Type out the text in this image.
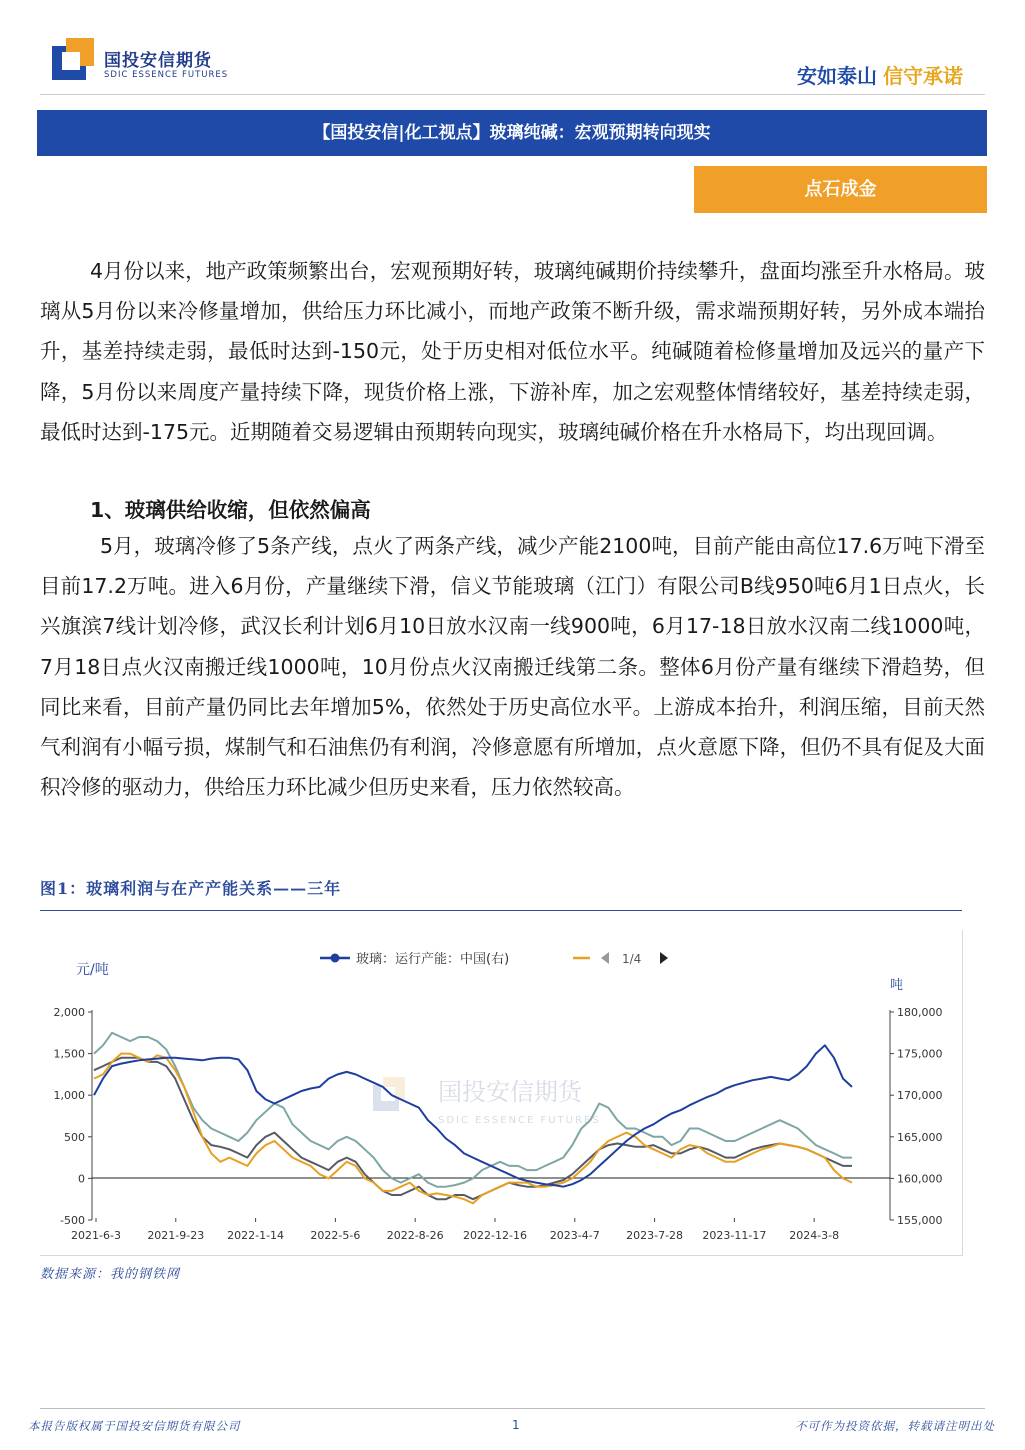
国投安信期货
SDIC ESSENCE FUTURES	安如泰山 信守承诺
【国投安信|化工视点】玻璃纯碱：宏观预期转向现实
点石成金
4月份以来，地产政策频繁出台，宏观预期好转，玻璃纯碱期价持续攀升，盘面均涨至升水格局。玻璃从5月份以来冷修量增加，供给压力环比减小，而地产政策不断升级，需求端预期好转，另外成本端抬升，基差持续走弱，最低时达到-150元，处于历史相对低位水平。纯碱随着检修量增加及远兴的量产下降，5月份以来周度产量持续下降，现货价格上涨，下游补库，加之宏观整体情绪较好，基差持续走弱，最低时达到-175元。近期随着交易逻辑由预期转向现实，玻璃纯碱价格在升水格局下，均出现回调。
1、玻璃供给收缩，但依然偏高
5月，玻璃冷修了5条产线，点火了两条产线，减少产能2100吨，目前产能由高位17.6万吨下滑至目前17.2万吨。进入6月份，产量继续下滑，信义节能玻璃（江门）有限公司B线950吨6月1日点火，长兴旗滨7线计划冷修，武汉长利计划6月10日放水汉南一线900吨，6月17-18日放水汉南二线1000吨，7月18日点火汉南搬迁线1000吨，10月份点火汉南搬迁线第二条。整体6月份产量有继续下滑趋势，但同比来看，目前产量仍同比去年增加5%，依然处于历史高位水平。上游成本抬升，利润压缩，目前天然气利润有小幅亏损，煤制气和石油焦仍有利润，冷修意愿有所增加，点火意愿下降，但仍不具有促及大面积冷修的驱动力，供给压力环比减少但历史来看，压力依然较高。
图1：玻璃利润与在产产能关系——三年
国投安信期货
SDIC ESSENCE FUTURES
玻璃：运行产能：中国(右)	1/4
元/吨
吨
2,000
1,500
1,000
500
0
-500
180,000
175,000
170,000
165,000
160,000
155,000
2021-6-3 2021-9-23 2022-1-14 2022-5-6 2022-8-26 2022-12-16 2023-4-7 2023-7-28 2023-11-17 2024-3-8
数据来源：我的钢铁网
本报告版权属于国投安信期货有限公司	1	不可作为投资依据，转载请注明出处
